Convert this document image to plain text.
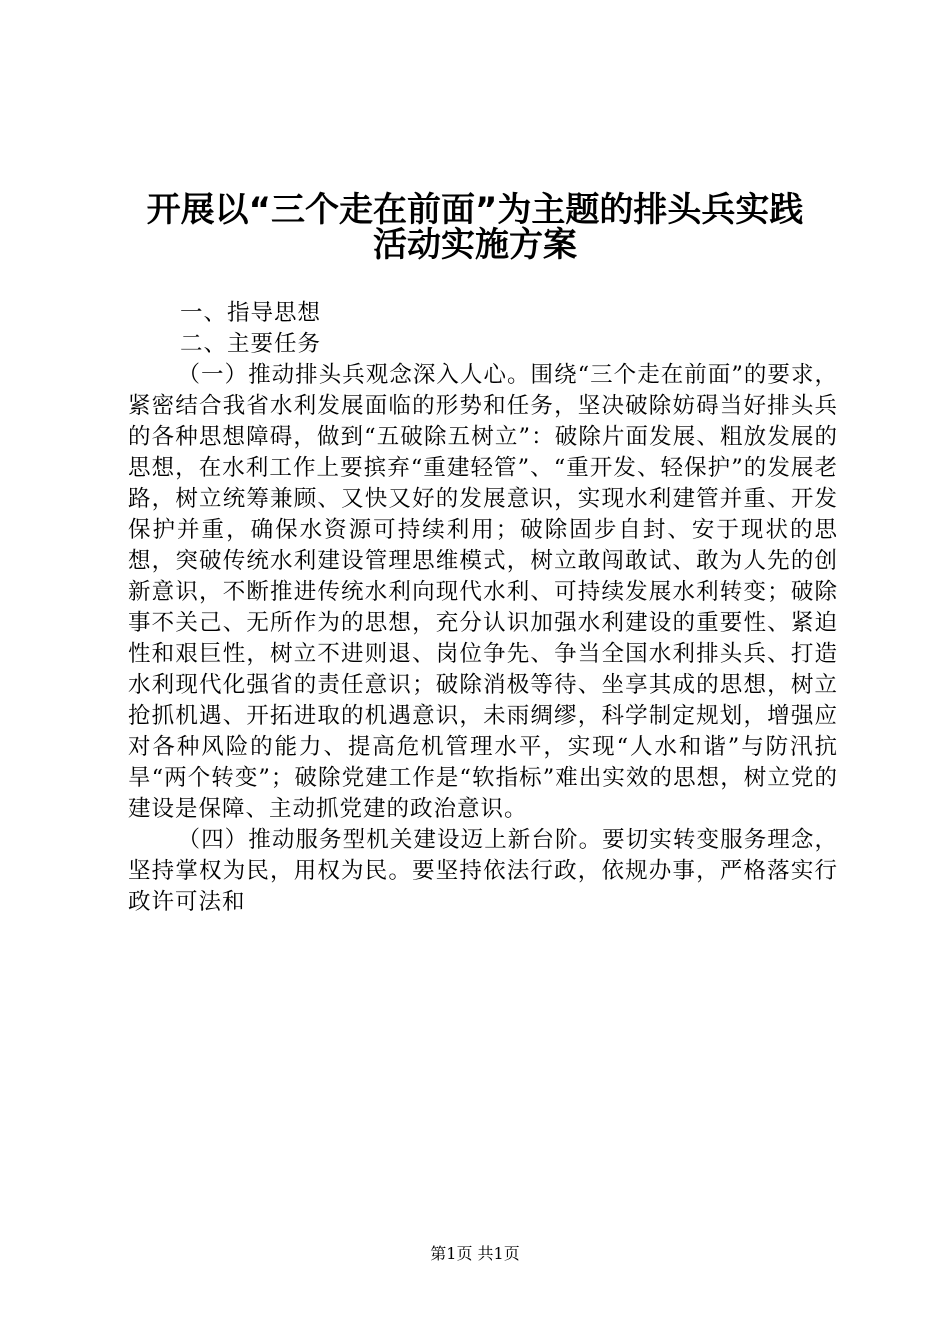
开展以“三个走在前面”为主题的排头兵实践
活动实施方案
一、指导思想
二、主要任务

（一）推动排头兵观念深入人心。围绕“三个走在前面”的要求，紧密结合我省水利发展面临的形势和任务，坚决破除妨碍当好排头兵的各种思想障碍，做到“五破除五树立”：破除片面发展、粗放发展的思想，在水利工作上要摈弃“重建轻管”、“重开发、轻保护”的发展老路，树立统筹兼顾、又快又好的发展意识，实现水利建管并重、开发保护并重，确保水资源可持续利用；破除固步自封、安于现状的思想，突破传统水利建设管理思维模式，树立敢闯敢试、敢为人先的创新意识，不断推进传统水利向现代水利、可持续发展水利转变；破除事不关己、无所作为的思想，充分认识加强水利建设的重要性、紧迫性和艰巨性，树立不进则退、岗位争先、争当全国水利排头兵、打造水利现代化强省的责任意识；破除消极等待、坐享其成的思想，树立抢抓机遇、开拓进取的机遇意识，未雨绸缪，科学制定规划，增强应对各种风险的能力、提高危机管理水平，实现“人水和谐”与防汛抗旱“两个转变”；破除党建工作是“软指标”难出实效的思想，树立党的建设是保障、主动抓党建的政治意识。

（四）推动服务型机关建设迈上新台阶。要切实转变服务理念，坚持掌权为民，用权为民。要坚持依法行政，依规办事，严格落实行政许可法和

第1页 共1页
